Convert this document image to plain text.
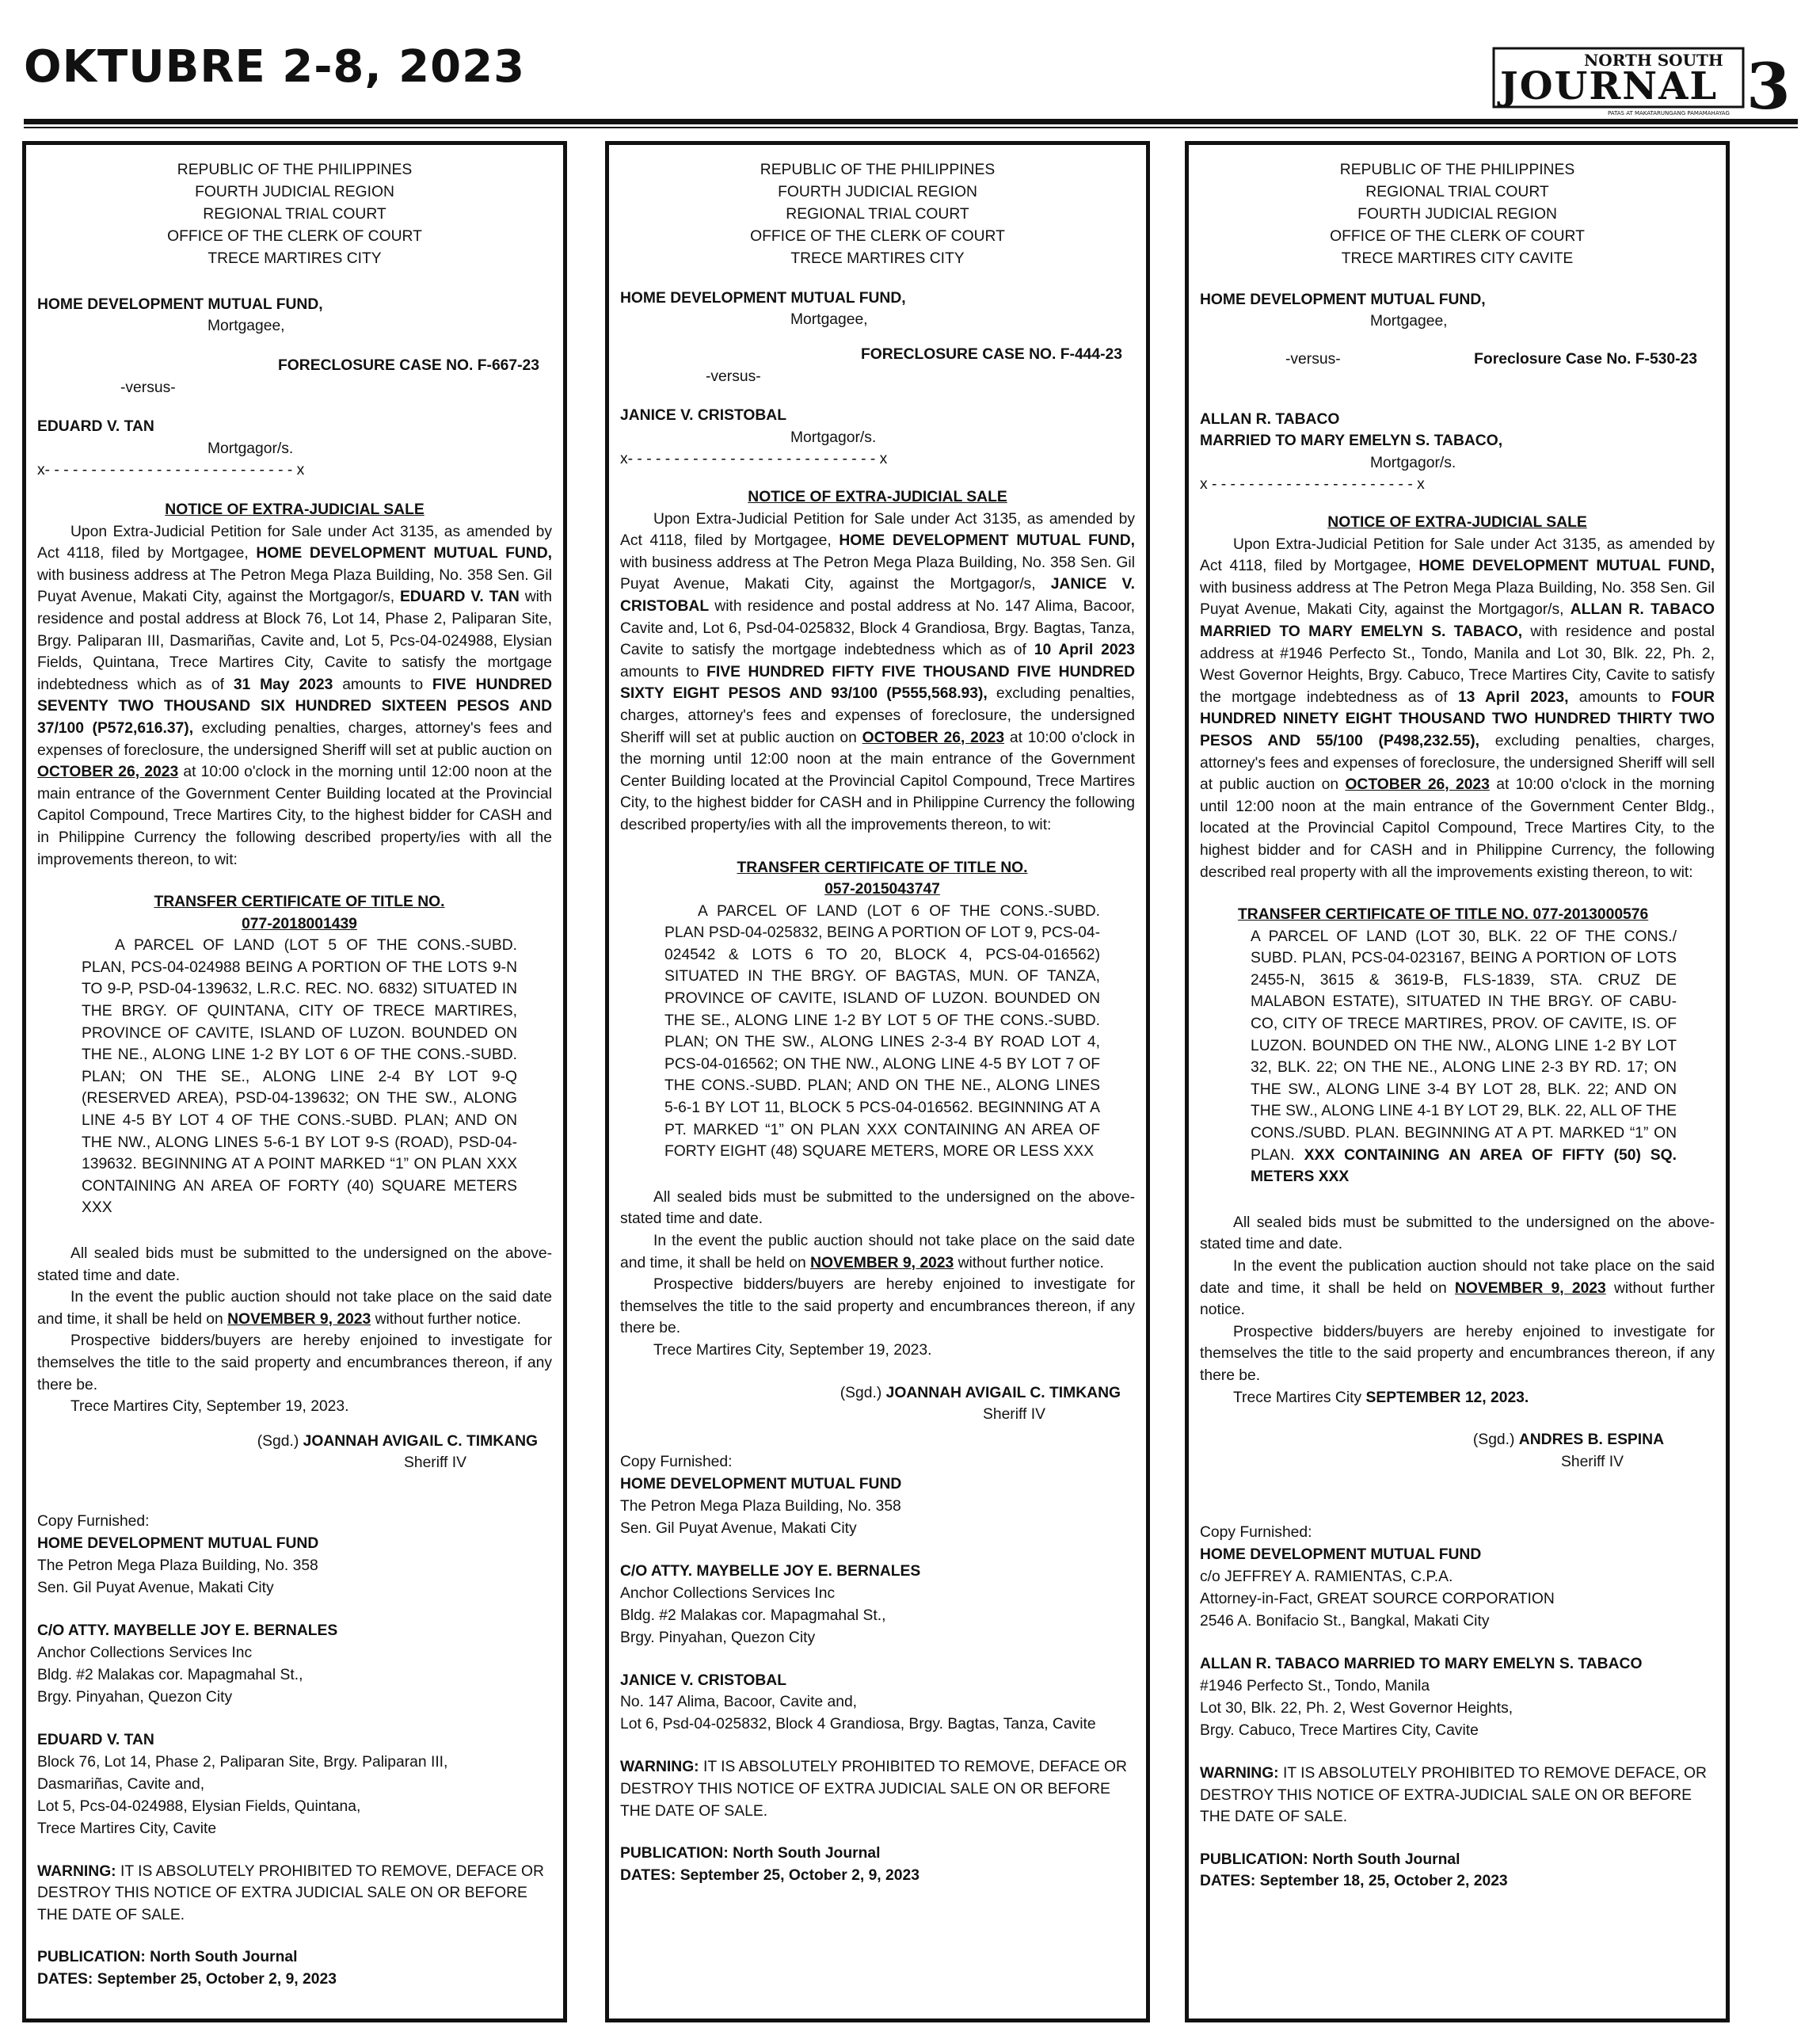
OKTUBRE 2-8, 2023	NORTH SOUTH
JOURNAL
PATAS AT MAKATARUNGANG PAMAMAHAYAG 3
REPUBLIC OF THE PHILIPPINES
FOURTH JUDICIAL REGION
REGIONAL TRIAL COURT
OFFICE OF THE CLERK OF COURT
TRECE MARTIRES CITY
HOME DEVELOPMENT MUTUAL FUND,
Mortgagee,
FORECLOSURE CASE NO. F-667-23
-versus-
EDUARD V. TAN
Mortgagor/s.
x- - - - - - - - - - - - - - - - - - - - - - - - - - - x
NOTICE OF EXTRA-JUDICIAL SALE

Upon Extra-Judicial Petition for Sale under Act 3135, as amended by Act 4118, filed by Mortgagee, HOME DEVELOPMENT MUTUAL FUND, with business address at The Petron Mega Plaza Building, No. 358 Sen. Gil Puyat Avenue, Makati City, against the Mortgagor/s, EDUARD V. TAN with residence and postal address at Block 76, Lot 14, Phase 2, Paliparan Site, Brgy. Paliparan III, Dasmariñas, Cavite and, Lot 5, Pcs-04-024988, Elysian Fields, Quintana, Trece Martires City, Cavite to satisfy the mortgage indebtedness which as of 31 May 2023 amounts to FIVE HUNDRED SEVENTY TWO THOUSAND SIX HUNDRED SIXTEEN PESOS AND 37/100 (P572,616.37), excluding penalties, charges, attorney's fees and expenses of foreclosure, the undersigned Sheriff will set at public auction on OCTOBER 26, 2023 at 10:00 o'clock in the morning until 12:00 noon at the main entrance of the Government Center Building located at the Provincial Capitol Compound, Trece Martires City, to the highest bidder for CASH and in Philippine Currency the following described property/ies with all the improvements thereon, to wit:

TRANSFER CERTIFICATE OF TITLE NO.
077-2018001439

A PARCEL OF LAND (LOT 5 OF THE CONS.-SUBD. PLAN, PCS-04-024988 BEING A PORTION OF THE LOTS 9-N TO 9-P, PSD-04-139632, L.R.C. REC. NO. 6832) SITUATED IN THE BRGY. OF QUINTANA, CITY OF TRECE MARTIRES, PROVINCE OF CAVITE, ISLAND OF LUZON. BOUNDED ON THE NE., ALONG LINE 1-2 BY LOT 6 OF THE CONS.-SUBD. PLAN; ON THE SE., ALONG LINE 2-4 BY LOT 9-Q (RESERVED AREA), PSD-04-139632; ON THE SW., ALONG LINE 4-5 BY LOT 4 OF THE CONS.-SUBD. PLAN; AND ON THE NW., ALONG LINES 5-6-1 BY LOT 9-S (ROAD), PSD-04-139632. BEGINNING AT A POINT MARKED “1” ON PLAN XXX CONTAINING AN AREA OF FORTY (40) SQUARE METERS XXX

All sealed bids must be submitted to the undersigned on the above-stated time and date.

In the event the public auction should not take place on the said date and time, it shall be held on NOVEMBER 9, 2023 without further notice.

Prospective bidders/buyers are hereby enjoined to investigate for themselves the title to the said property and encumbrances thereon, if any there be.

Trece Martires City, September 19, 2023.

(Sgd.) JOANNAH AVIGAIL C. TIMKANG
Sheriff IV
Copy Furnished:
HOME DEVELOPMENT MUTUAL FUND
The Petron Mega Plaza Building, No. 358
Sen. Gil Puyat Avenue, Makati City
C/O ATTY. MAYBELLE JOY E. BERNALES
Anchor Collections Services Inc
Bldg. #2 Malakas cor. Mapagmahal St.,
Brgy. Pinyahan, Quezon City
EDUARD V. TAN
Block 76, Lot 14, Phase 2, Paliparan Site, Brgy. Paliparan III,
Dasmariñas, Cavite and,
Lot 5, Pcs-04-024988, Elysian Fields, Quintana,
Trece Martires City, Cavite

WARNING: IT IS ABSOLUTELY PROHIBITED TO REMOVE, DEFACE OR DESTROY THIS NOTICE OF EXTRA JUDICIAL SALE ON OR BEFORE THE DATE OF SALE.

PUBLICATION: North South Journal
DATES: September 25, October 2, 9, 2023
REPUBLIC OF THE PHILIPPINES
FOURTH JUDICIAL REGION
REGIONAL TRIAL COURT
OFFICE OF THE CLERK OF COURT
TRECE MARTIRES CITY
HOME DEVELOPMENT MUTUAL FUND,
Mortgagee,
FORECLOSURE CASE NO. F-444-23
-versus-
JANICE V. CRISTOBAL
Mortgagor/s.
x- - - - - - - - - - - - - - - - - - - - - - - - - - - x
NOTICE OF EXTRA-JUDICIAL SALE

Upon Extra-Judicial Petition for Sale under Act 3135, as amended by Act 4118, filed by Mortgagee, HOME DEVELOPMENT MUTUAL FUND, with business address at The Petron Mega Plaza Building, No. 358 Sen. Gil Puyat Avenue, Makati City, against the Mortgagor/s, JANICE V. CRISTOBAL with residence and postal address at No. 147 Alima, Bacoor, Cavite and, Lot 6, Psd-04-025832, Block 4 Grandiosa, Brgy. Bagtas, Tanza, Cavite to satisfy the mortgage indebtedness which as of 10 April 2023 amounts to FIVE HUNDRED FIFTY FIVE THOUSAND FIVE HUNDRED SIXTY EIGHT PESOS AND 93/100 (P555,568.93), excluding penalties, charges, attorney's fees and expenses of foreclosure, the undersigned Sheriff will set at public auction on OCTOBER 26, 2023 at 10:00 o'clock in the morning until 12:00 noon at the main entrance of the Government Center Building located at the Provincial Capitol Compound, Trece Martires City, to the highest bidder for CASH and in Philippine Currency the following described property/ies with all the improvements thereon, to wit:

TRANSFER CERTIFICATE OF TITLE NO.
057-2015043747

A PARCEL OF LAND (LOT 6 OF THE CONS.-SUBD. PLAN PSD-04-025832, BEING A PORTION OF LOT 9, PCS-04-024542 & LOTS 6 TO 20, BLOCK 4, PCS-04-016562) SITUATED IN THE BRGY. OF BAGTAS, MUN. OF TANZA, PROVINCE OF CAVITE, ISLAND OF LUZON. BOUNDED ON THE SE., ALONG LINE 1-2 BY LOT 5 OF THE CONS.-SUBD. PLAN; ON THE SW., ALONG LINES 2-3-4 BY ROAD LOT 4, PCS-04-016562; ON THE NW., ALONG LINE 4-5 BY LOT 7 OF THE CONS.-SUBD. PLAN; AND ON THE NE., ALONG LINES 5-6-1 BY LOT 11, BLOCK 5 PCS-04-016562. BEGINNING AT A PT. MARKED “1” ON PLAN XXX CONTAINING AN AREA OF FORTY EIGHT (48) SQUARE METERS, MORE OR LESS XXX

All sealed bids must be submitted to the undersigned on the above-stated time and date.

In the event the public auction should not take place on the said date and time, it shall be held on NOVEMBER 9, 2023 without further notice.

Prospective bidders/buyers are hereby enjoined to investigate for themselves the title to the said property and encumbrances thereon, if any there be.

Trece Martires City, September 19, 2023.

(Sgd.) JOANNAH AVIGAIL C. TIMKANG
Sheriff IV
Copy Furnished:
HOME DEVELOPMENT MUTUAL FUND
The Petron Mega Plaza Building, No. 358
Sen. Gil Puyat Avenue, Makati City
C/O ATTY. MAYBELLE JOY E. BERNALES
Anchor Collections Services Inc
Bldg. #2 Malakas cor. Mapagmahal St.,
Brgy. Pinyahan, Quezon City
JANICE V. CRISTOBAL
No. 147 Alima, Bacoor, Cavite and,
Lot 6, Psd-04-025832, Block 4 Grandiosa, Brgy. Bagtas, Tanza, Cavite

WARNING: IT IS ABSOLUTELY PROHIBITED TO REMOVE, DEFACE OR DESTROY THIS NOTICE OF EXTRA JUDICIAL SALE ON OR BEFORE THE DATE OF SALE.

PUBLICATION: North South Journal
DATES: September 25, October 2, 9, 2023
REPUBLIC OF THE PHILIPPINES
REGIONAL TRIAL COURT
FOURTH JUDICIAL REGION
OFFICE OF THE CLERK OF COURT
TRECE MARTIRES CITY CAVITE
HOME DEVELOPMENT MUTUAL FUND,
Mortgagee,
-versus-	Foreclosure Case No. F-530-23
ALLAN R. TABACO
MARRIED TO MARY EMELYN S. TABACO,
Mortgagor/s.
x - - - - - - - - - - - - - - - - - - - - - - x
NOTICE OF EXTRA-JUDICIAL SALE

Upon Extra-Judicial Petition for Sale under Act 3135, as amended by Act 4118, filed by Mortgagee, HOME DEVELOPMENT MUTUAL FUND, with business address at The Petron Mega Plaza Building, No. 358 Sen. Gil Puyat Avenue, Makati City, against the Mortgagor/s, ALLAN R. TABACO MARRIED TO MARY EMELYN S. TABACO, with residence and postal address at #1946 Perfecto St., Tondo, Manila and Lot 30, Blk. 22, Ph. 2, West Governor Heights, Brgy. Cabuco, Trece Martires City, Cavite to satisfy the mortgage indebtedness as of 13 April 2023, amounts to FOUR HUNDRED NINETY EIGHT THOUSAND TWO HUNDRED THIRTY TWO PESOS AND 55/100 (P498,232.55), excluding penalties, charges, attorney's fees and expenses of foreclosure, the undersigned Sheriff will sell at public auction on OCTOBER 26, 2023 at 10:00 o'clock in the morning until 12:00 noon at the main entrance of the Government Center Bldg., located at the Provincial Capitol Compound, Trece Martires City, to the highest bidder and for CASH and in Philippine Currency, the following described real property with all the improvements existing thereon, to wit:

TRANSFER CERTIFICATE OF TITLE NO. 077-2013000576

A PARCEL OF LAND (LOT 30, BLK. 22 OF THE CONS./ SUBD. PLAN, PCS-04-023167, BEING A PORTION OF LOTS 2455-N, 3615 & 3619-B, FLS-1839, STA. CRUZ DE MALABON ESTATE), SITUATED IN THE BRGY. OF CABU-CO, CITY OF TRECE MARTIRES, PROV. OF CAVITE, IS. OF LUZON. BOUNDED ON THE NW., ALONG LINE 1-2 BY LOT 32, BLK. 22; ON THE NE., ALONG LINE 2-3 BY RD. 17; ON THE SW., ALONG LINE 3-4 BY LOT 28, BLK. 22; AND ON THE SW., ALONG LINE 4-1 BY LOT 29, BLK. 22, ALL OF THE CONS./SUBD. PLAN. BEGINNING AT A PT. MARKED “1” ON PLAN. XXX CONTAINING AN AREA OF FIFTY (50) SQ. METERS XXX

All sealed bids must be submitted to the undersigned on the above-stated time and date.

In the event the publication auction should not take place on the said date and time, it shall be held on NOVEMBER 9, 2023 without further notice.

Prospective bidders/buyers are hereby enjoined to investigate for themselves the title to the said property and encumbrances thereon, if any there be.

Trece Martires City SEPTEMBER 12, 2023.

(Sgd.) ANDRES B. ESPINA
Sheriff IV
Copy Furnished:
HOME DEVELOPMENT MUTUAL FUND
c/o JEFFREY A. RAMIENTAS, C.P.A.
Attorney-in-Fact, GREAT SOURCE CORPORATION
2546 A. Bonifacio St., Bangkal, Makati City
ALLAN R. TABACO MARRIED TO MARY EMELYN S. TABACO
#1946 Perfecto St., Tondo, Manila
Lot 30, Blk. 22, Ph. 2, West Governor Heights,
Brgy. Cabuco, Trece Martires City, Cavite

WARNING: IT IS ABSOLUTELY PROHIBITED TO REMOVE DEFACE, OR DESTROY THIS NOTICE OF EXTRA-JUDICIAL SALE ON OR BEFORE THE DATE OF SALE.

PUBLICATION: North South Journal
DATES: September 18, 25, October 2, 2023
